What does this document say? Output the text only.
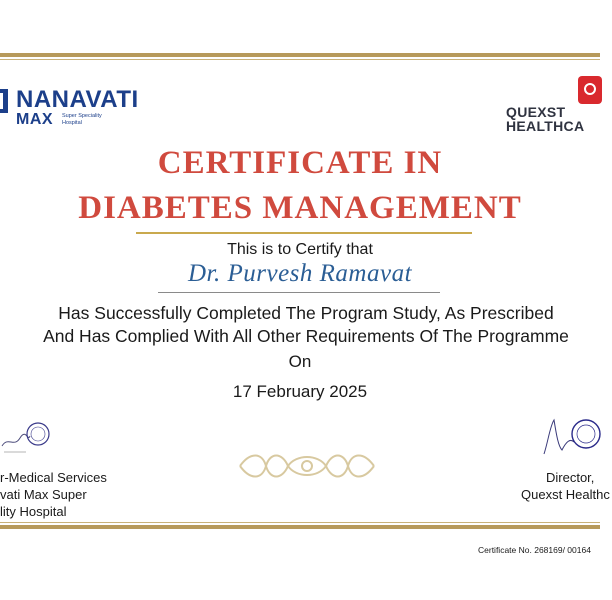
NANAVATI
MAX Super Speciality
Hospital
QUEXST
HEALTHCA
CERTIFICATE IN
DIABETES MANAGEMENT
This is to Certify that
Dr. Purvesh Ramavat
Has Successfully Completed The Program Study, As Prescribed
And Has Complied With All Other Requirements Of The Programme
On
17 February 2025
r-Medical Services
vati Max Super
lity Hospital
Director,
Quexst Healthc
Certificate No. 268169/ 00164
